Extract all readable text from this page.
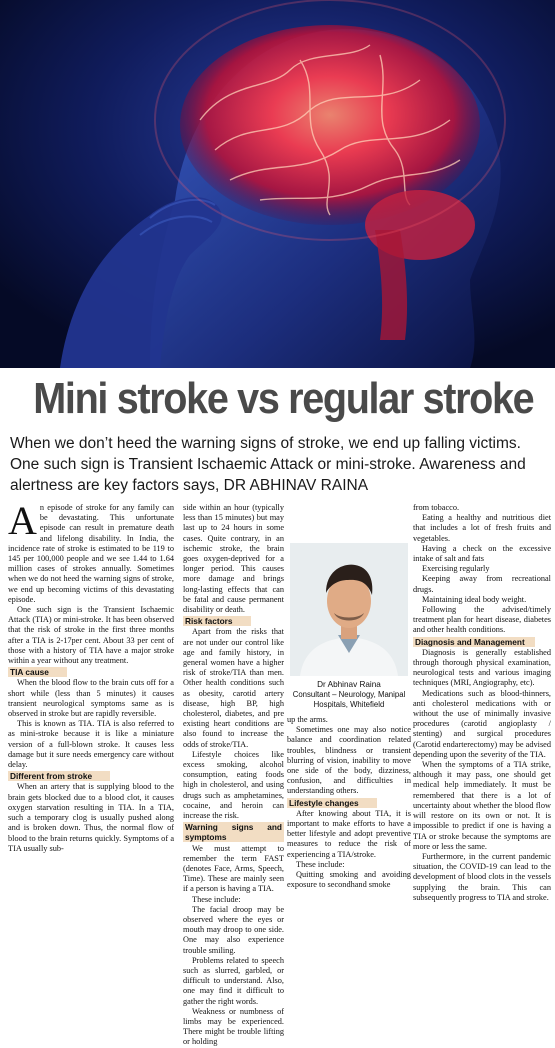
Mini stroke vs regular stroke

When we don’t heed the warning signs of stroke, we end up falling victims. One such sign is Transient Ischaemic Attack or mini-stroke. Awareness and alertness are key factors says, DR ABHINAV RAINA

An episode of stroke for any family can be devastating. This unfortunate episode can result in premature death and lifelong disability. In India, the incidence rate of stroke is estimated to be 119 to 145 per 100,000 people and we see 1.44 to 1.64 million cases of strokes annually. Sometimes when we do not heed the warning signs of stroke, we end up becoming victims of this devastating episode.

One such sign is the Transient Ischaemic Attack (TIA) or mini-stroke. It has been observed that the risk of stroke in the first three months after a TIA is 2-17per cent. About 33 per cent of those with a history of TIA have a major stroke within a year without any treatment.

TIA cause

When the blood flow to the brain cuts off for a short while (less than 5 minutes) it causes transient neurological symptoms same as is observed in stroke but are rapidly reversible.

This is known as TIA. TIA is also referred to as mini-stroke because it is like a miniature version of a full-blown stroke. It causes less damage but it sure needs emergency care without delay.

Different from stroke

When an artery that is supplying blood to the brain gets blocked due to a blood clot, it causes oxygen starvation resulting in TIA. In a TIA, such a temporary clog is usually pushed along and is broken down. Thus, the normal flow of blood to the brain returns quickly. Symptoms of a TIA usually sub-

side within an hour (typically less than 15 minutes) but may last up to 24 hours in some cases. Quite contrary, in an ischemic stroke, the brain goes oxygen-deprived for a longer period. This causes more damage and brings long-lasting effects that can be fatal and cause permanent disability or death.

Risk factors

Apart from the risks that are not under our control like age and family history, in general women have a higher risk of stroke/TIA than men. Other health conditions such as obesity, carotid artery disease, high BP, high cholesterol, diabetes, and pre existing heart conditions are also found to increase the odds of stroke/TIA.

Lifestyle choices like excess smoking, alcohol consumption, eating foods high in cholesterol, and using drugs such as amphetamines, cocaine, and heroin can increase the risk.

Warning signs and symptoms

We must attempt to remember the term FAST (denotes Face, Arms, Speech, Time). These are mainly seen if a person is having a TIA.

These include:

The facial droop may be observed where the eyes or mouth may droop to one side. One may also experience trouble smiling.

Problems related to speech such as slurred, garbled, or difficult to understand. Also, one may find it difficult to gather the right words.

Weakness or numbness of limbs may be experienced. There might be trouble lifting or holding

Dr Abhinav Raina

Consultant – Neurology, Manipal Hospitals, Whitefield

up the arms.

Sometimes one may also notice balance and coordination related troubles, blindness or transient blurring of vision, inability to move one side of the body, dizziness, confusion, and difficulties in understanding others.

Lifestyle changes

After knowing about TIA, it is important to make efforts to have a better lifestyle and adopt preventive measures to reduce the risk of experiencing a TIA/stroke.

These include:

Quitting smoking and avoiding exposure to secondhand smoke

from tobacco.

Eating a healthy and nutritious diet that includes a lot of fresh fruits and vegetables.

Having a check on the excessive intake of salt and fats

Exercising regularly

Keeping away from recreational drugs.

Maintaining ideal body weight.

Following the advised/timely treatment plan for heart disease, diabetes and other health conditions.

Diagnosis and Management

Diagnosis is generally established through thorough physical examination, neurological tests and various imaging techniques (MRI, Angiography, etc).

Medications such as blood-thinners, anti cholesterol medications with or without the use of minimally invasive procedures (carotid angioplasty / stenting) and surgical procedures (Carotid endarterectomy) may be advised depending upon the severity of the TIA.

When the symptoms of a TIA strike, although it may pass, one should get medical help immediately. It must be remembered that there is a lot of uncertainty about whether the blood flow will restore on its own or not. It is impossible to predict if one is having a TIA or stroke because the symptoms are more or less the same.

Furthermore, in the current pandemic situation, the COVID-19 can lead to the development of blood clots in the vessels supplying the brain. This can subsequently progress to TIA and stroke.
